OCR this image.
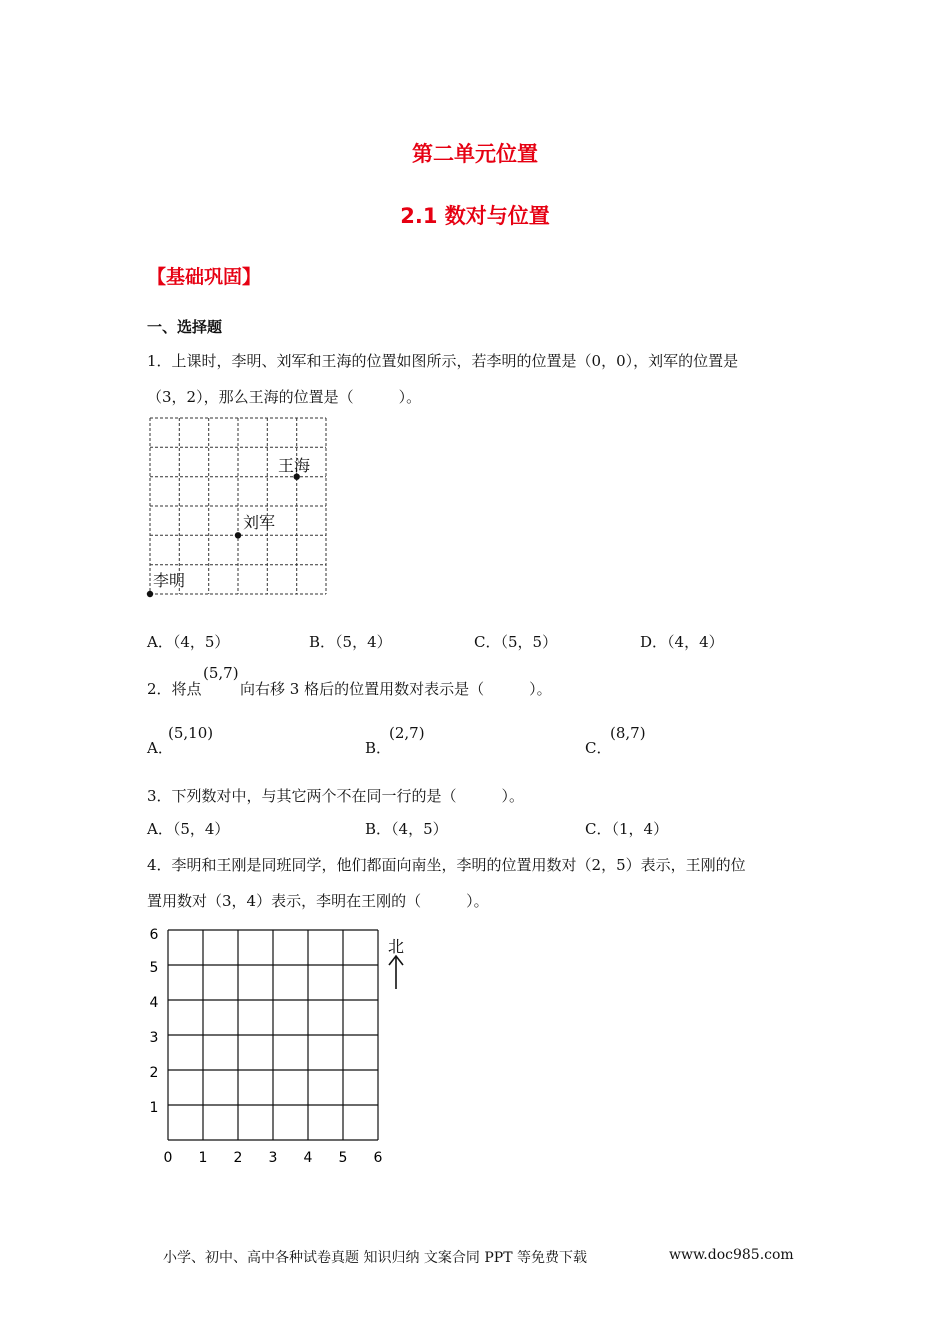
第二单元位置
2.1 数对与位置
【基础巩固】
一、选择题
1．上课时，李明、刘军和王海的位置如图所示，若李明的位置是（0，0），刘军的位置是
（3，2），那么王海的位置是（　　　）。
王海
刘军
李明
A．（4，5）	B．（5，4）	C．（5，5）	D．（4，4）
2．将点
(5,7)
向右移 3 格后的位置用数对表示是（　　　）。
A．
(5,10)
B．
(2,7)
C．
(8,7)
3．下列数对中，与其它两个不在同一行的是（　　　）。
A．（5，4）	B．（4，5）	C．（1，4）
4．李明和王刚是同班同学，他们都面向南坐，李明的位置用数对（2，5）表示，王刚的位
置用数对（3，4）表示，李明在王刚的（　　　）。
0 1 2 3 4 5 6
1
2
3
4
5
6
北
小学、初中、高中各种试卷真题 知识归纳 文案合同 PPT 等免费下载	www.doc985.com
